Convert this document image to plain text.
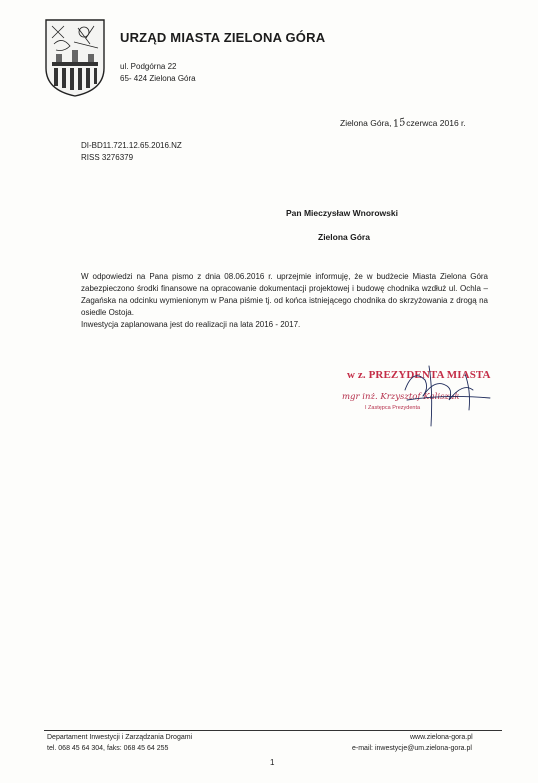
URZĄD MIASTA ZIELONA GÓRA
ul. Podgórna 22
65- 424 Zielona Góra
Zielona Góra,15czerwca 2016 r.
DI-BD11.721.12.65.2016.NZ
RISS 3276379
Pan Mieczysław Wnorowski
Zielona Góra

W odpowiedzi na Pana pismo z dnia 08.06.2016 r. uprzejmie informuję, że w budżecie Miasta Zielona Góra zabezpieczono środki finansowe na opracowanie dokumentacji projektowej i budowę chodnika wzdłuż ul. Ochla – Zagańska na odcinku wymienionym w Pana piśmie tj. od końca istniejącego chodnika do skrzyżowania z drogą na osiedle Ostoja.

Inwestycja zaplanowana jest do realizacji na lata 2016 - 2017.

w z. PREZYDENTA MIASTA
mgr inż. Krzysztof Kaliszuk
I Zastępca Prezydenta
Departament Inwestycji i Zarządzania Drogami
tel. 068 45 64 304, faks: 068 45 64 255
www.zielona-gora.pl
e-mail: inwestycje@um.zielona-gora.pl
1
